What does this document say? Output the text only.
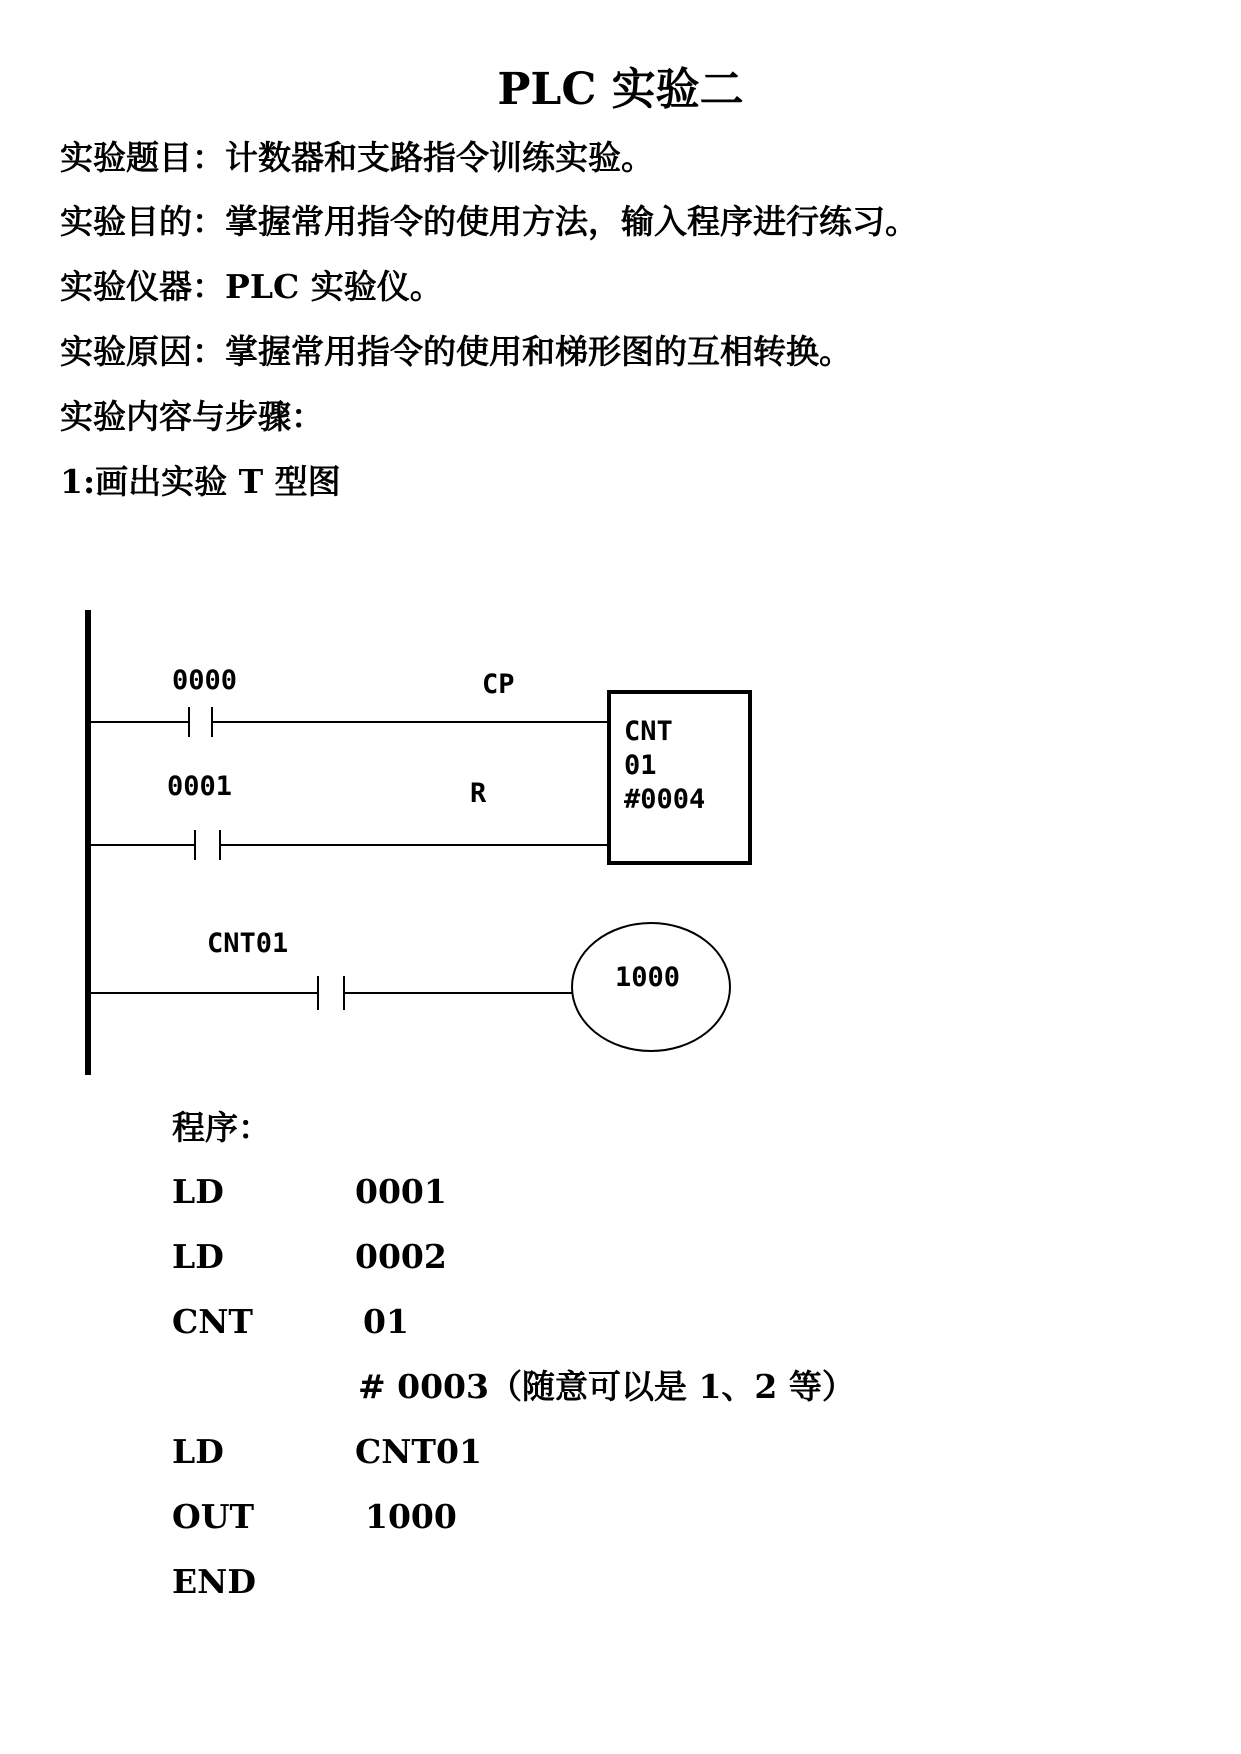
PLC 实验二
实验题目：计数器和支路指令训练实验。
实验目的：掌握常用指令的使用方法，输入程序进行练习。
实验仪器：PLC 实验仪。
实验原因：掌握常用指令的使用和梯形图的互相转换。
实验内容与步骤：
1:画出实验 T 型图
0000	CP
0001	R
CNT
01
#0004
CNT01
1000
程序：
LD	0001
LD	0002
CNT	01
# 0003（随意可以是 1、2 等）
LD	CNT01
OUT	1000
END
